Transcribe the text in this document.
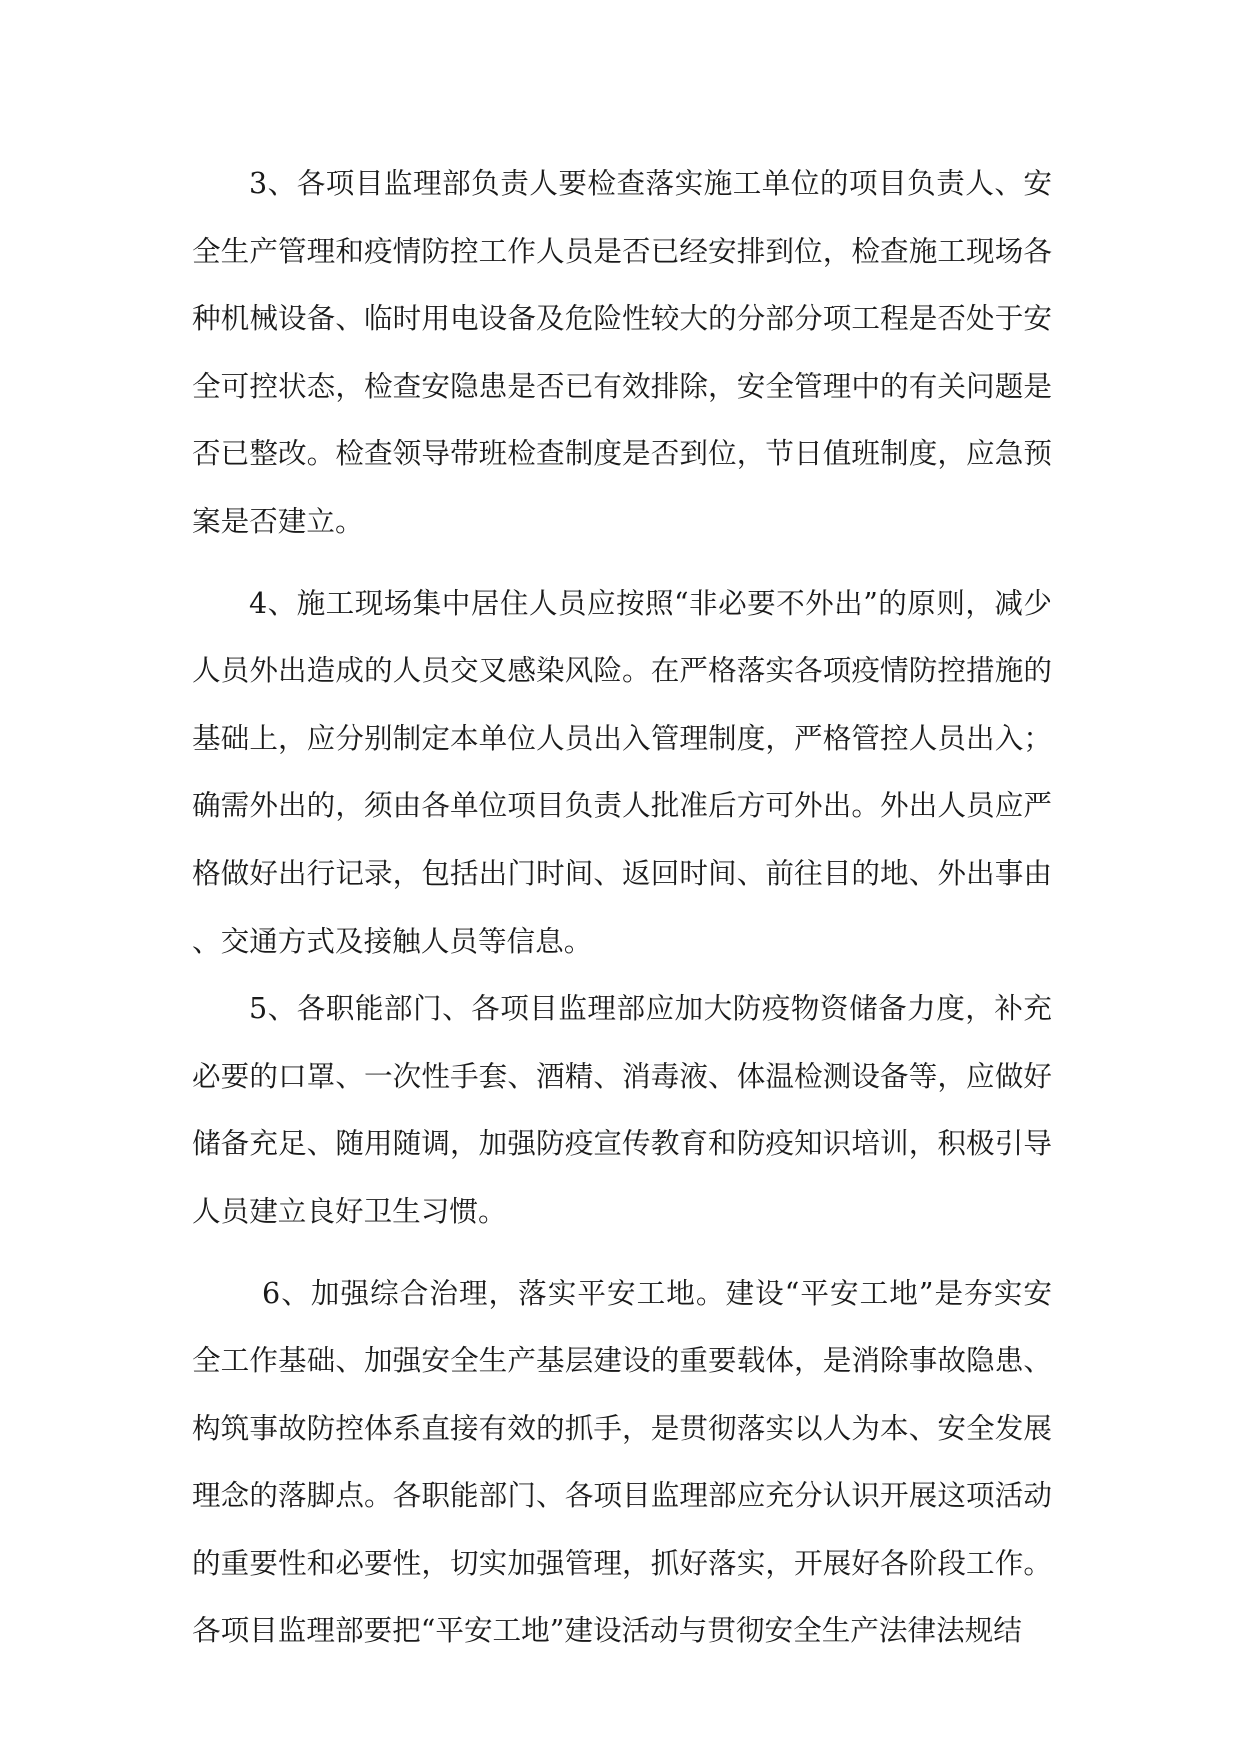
3、各项目监理部负责人要检查落实施工单位的项目负责人、安全生产管理和疫情防控工作人员是否已经安排到位，检查施工现场各种机械设备、临时用电设备及危险性较大的分部分项工程是否处于安全可控状态，检查安隐患是否已有效排除，安全管理中的有关问题是否已整改。检查领导带班检查制度是否到位，节日值班制度，应急预案是否建立。

4、施工现场集中居住人员应按照“非必要不外出”的原则，减少人员外出造成的人员交叉感染风险。在严格落实各项疫情防控措施的基础上，应分别制定本单位人员出入管理制度，严格管控人员出入；确需外出的，须由各单位项目负责人批准后方可外出。外出人员应严格做好出行记录，包括出门时间、返回时间、前往目的地、外出事由、交通方式及接触人员等信息。

5、各职能部门、各项目监理部应加大防疫物资储备力度，补充必要的口罩、一次性手套、酒精、消毒液、体温检测设备等，应做好储备充足、随用随调，加强防疫宣传教育和防疫知识培训，积极引导人员建立良好卫生习惯。

6、加强综合治理，落实平安工地。建设“平安工地”是夯实安全工作基础、加强安全生产基层建设的重要载体，是消除事故隐患、构筑事故防控体系直接有效的抓手，是贯彻落实以人为本、安全发展理念的落脚点。各职能部门、各项目监理部应充分认识开展这项活动的重要性和必要性，切实加强管理，抓好落实，开展好各阶段工作。各项目监理部要把“平安工地”建设活动与贯彻安全生产法律法规结
